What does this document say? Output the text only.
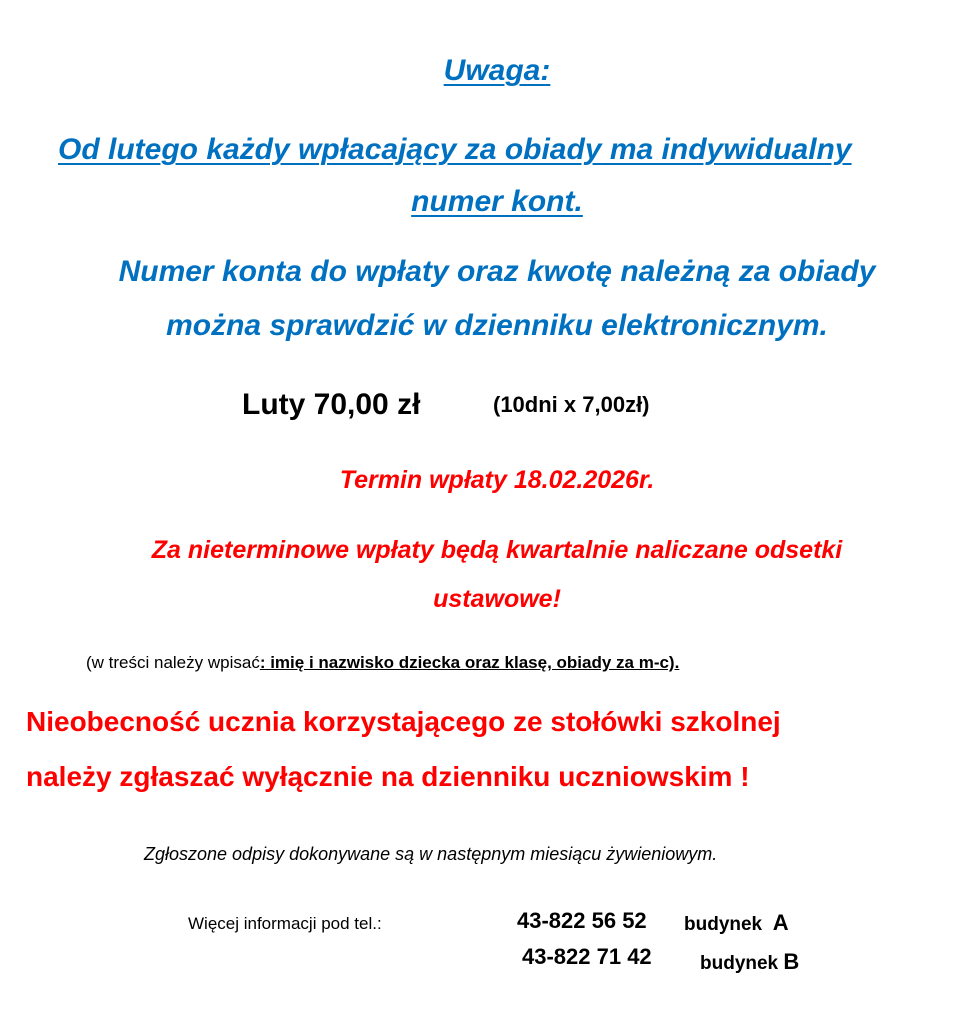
Uwaga:
Od lutego każdy wpłacający za obiady ma indywidualny
numer kont.
Numer konta do wpłaty oraz kwotę należną za obiady
można sprawdzić w dzienniku elektronicznym.
Luty 70,00 zł	(10dni x 7,00zł)
Termin wpłaty 18.02.2026r.
Za nieterminowe wpłaty będą kwartalnie naliczane odsetki
ustawowe!
(w treści należy wpisać: imię i nazwisko dziecka oraz klasę, obiady za m-c).
Nieobecność ucznia korzystającego ze stołówki szkolnej
należy zgłaszać wyłącznie na dzienniku uczniowskim !
Zgłoszone odpisy dokonywane są w następnym miesiącu żywieniowym.
Więcej informacji pod tel.:	43-822 56 52 budynek A
43-822 71 42	budynek B
